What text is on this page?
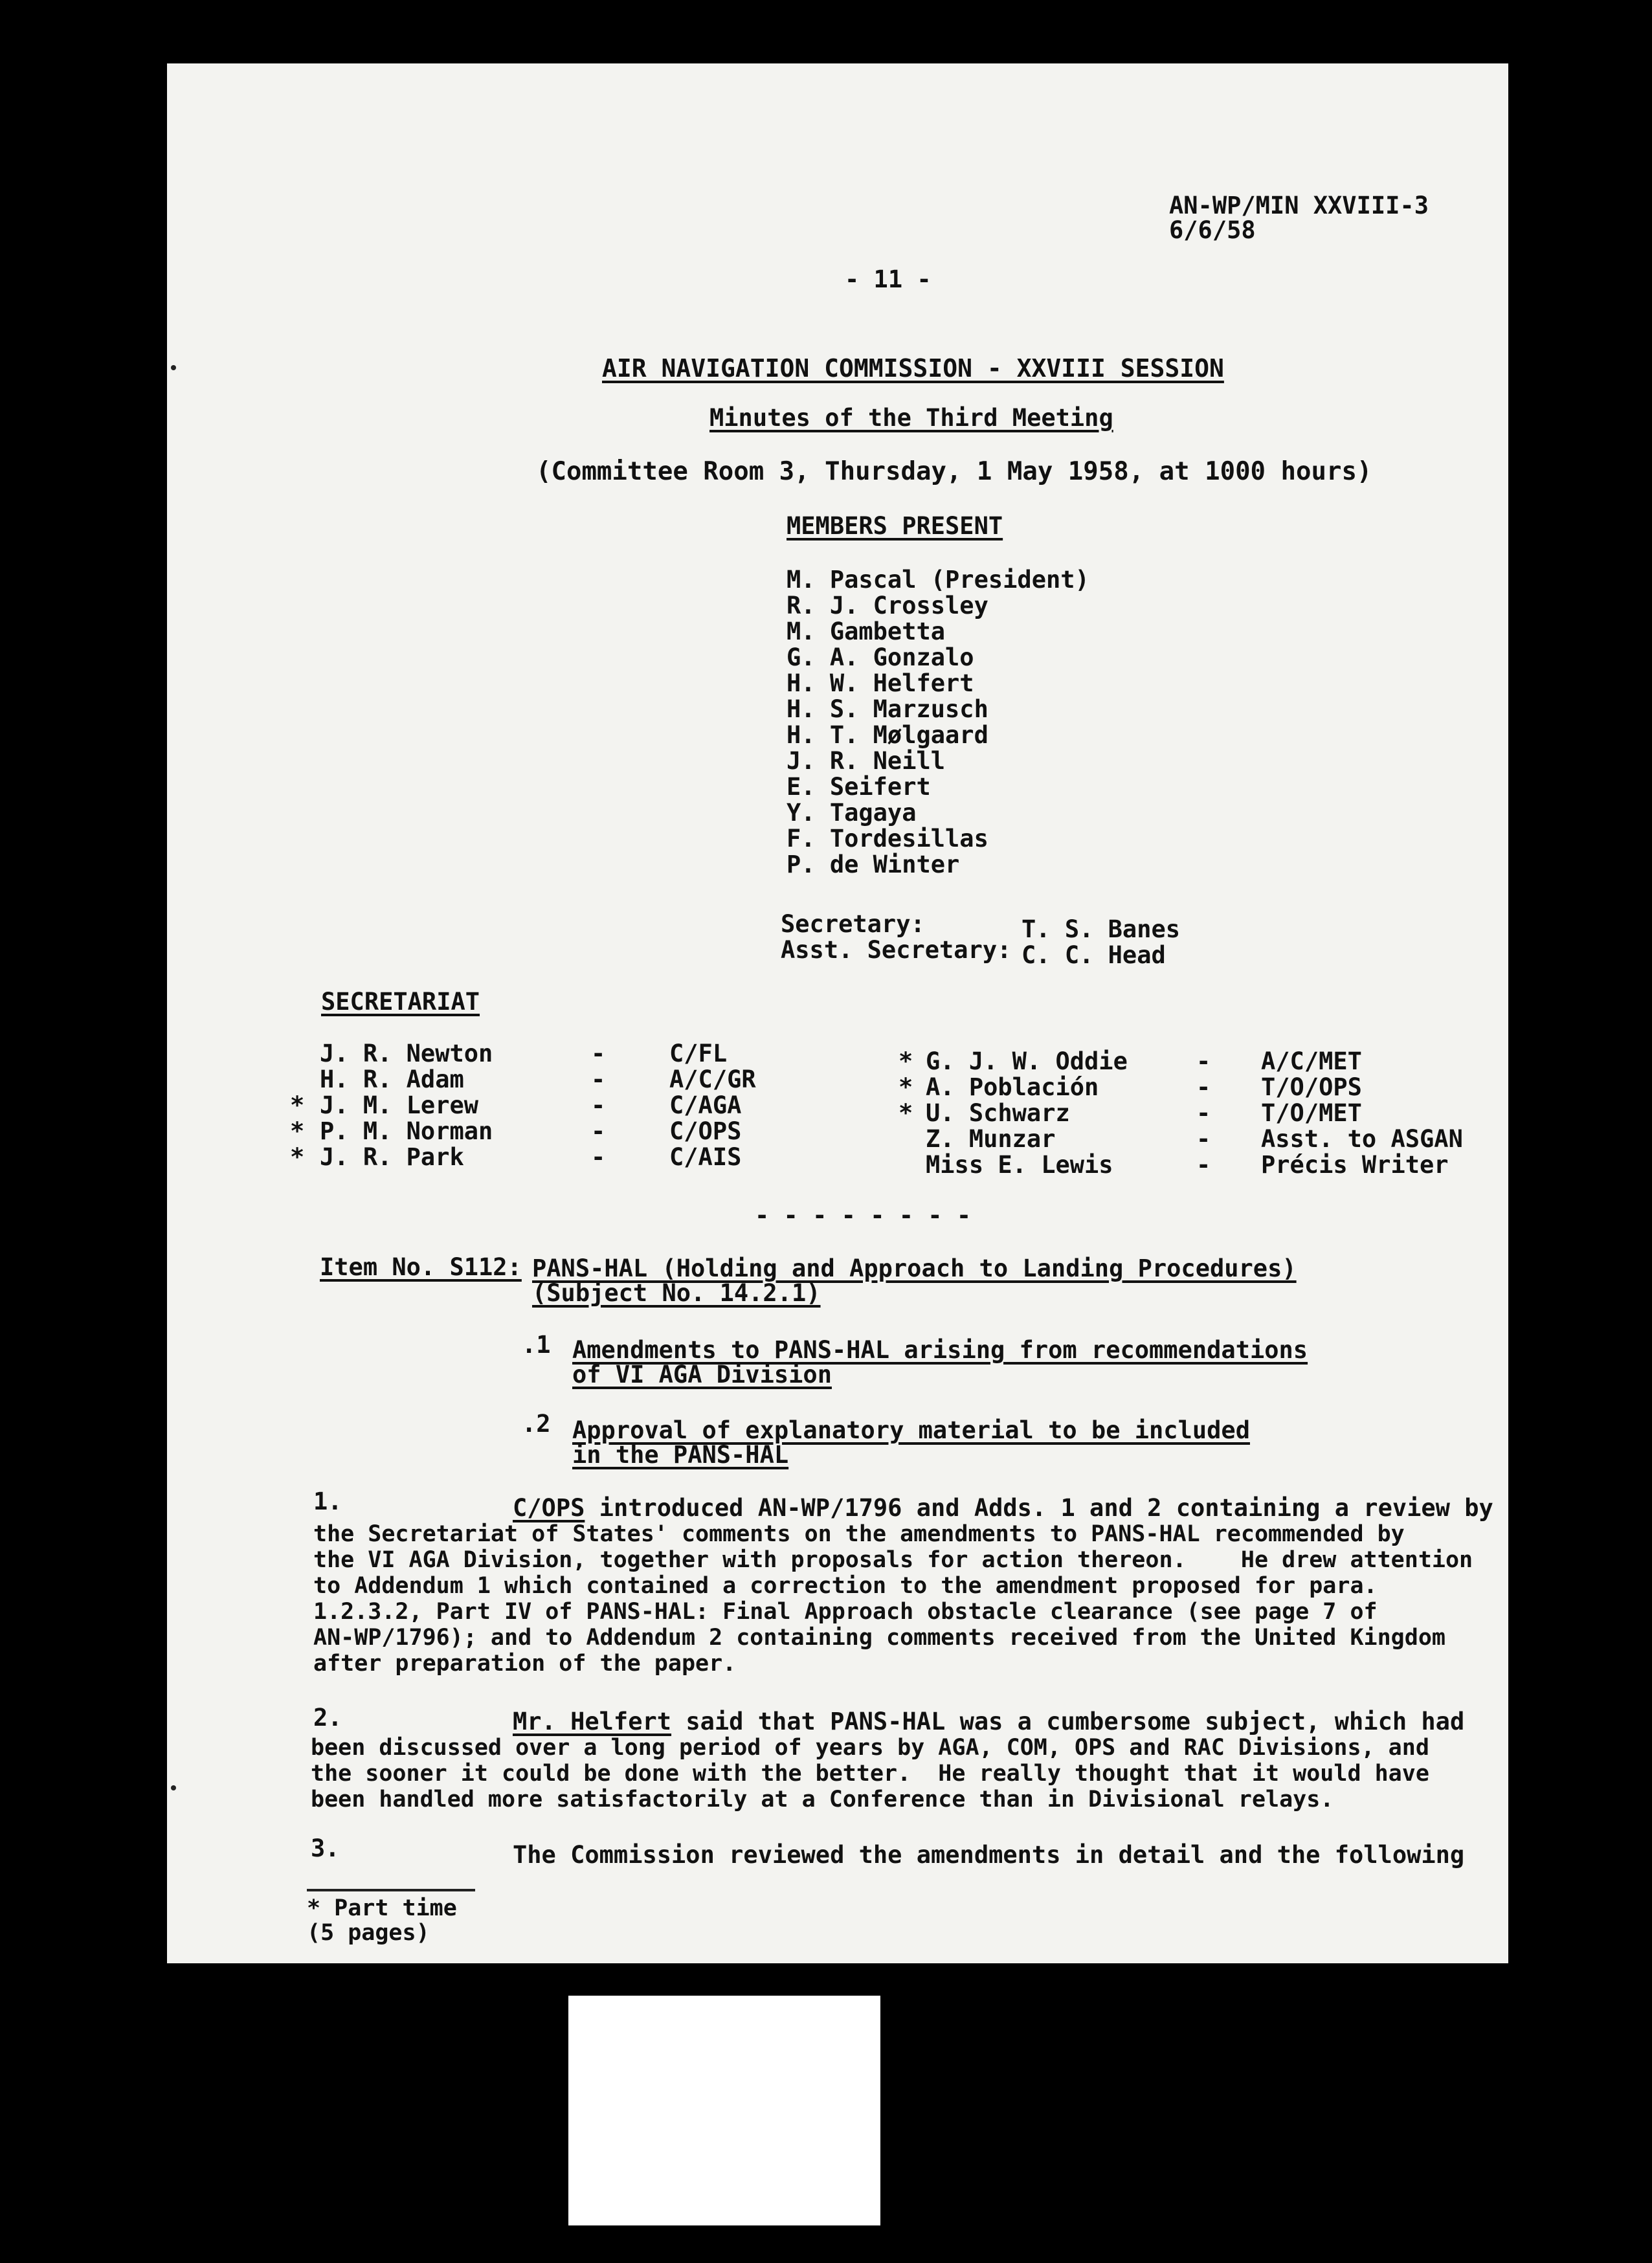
AN-WP/MIN XXVIII-3
6/6/58
- 11 -
AIR NAVIGATION COMMISSION - XXVIII SESSION
Minutes of the Third Meeting
(Committee Room 3, Thursday, 1 May 1958, at 1000 hours)
MEMBERS PRESENT
M. Pascal (President)
R. J. Crossley
M. Gambetta
G. A. Gonzalo
H. W. Helfert
H. S. Marzusch
H. T. Mølgaard
J. R. Neill
E. Seifert
Y. Tagaya
F. Tordesillas
P. de Winter
Secretary:	T. S. Banes
Asst. Secretary: C. C. Head
SECRETARIAT
J. R. Newton	-	C/FL
H. R. Adam	-	A/C/GR
* J. M. Lerew	-	C/AGA
* P. M. Norman	-	C/OPS
* J. R. Park	-	C/AIS
* G. J. W. Oddie	- A/C/MET
* A. Población	- T/O/OPS
* U. Schwarz	- T/O/MET
Z. Munzar	- Asst. to ASGAN
Miss E. Lewis	- Précis Writer
- - - - - - - -
Item No. S112: PANS-HAL (Holding and Approach to Landing Procedures)
(Subject No. 14.2.1)
.1 Amendments to PANS-HAL arising from recommendations
of VI AGA Division
.2 Approval of explanatory material to be included
in the PANS-HAL
1.	C/OPS introduced AN-WP/1796 and Adds. 1 and 2 containing a review by
the Secretariat of States' comments on the amendments to PANS-HAL recommended by
the VI AGA Division, together with proposals for action thereon.    He drew attention
to Addendum 1 which contained a correction to the amendment proposed for para.
1.2.3.2, Part IV of PANS-HAL: Final Approach obstacle clearance (see page 7 of
AN-WP/1796); and to Addendum 2 containing comments received from the United Kingdom
after preparation of the paper.
2.	Mr. Helfert said that PANS-HAL was a cumbersome subject, which had
been discussed over a long period of years by AGA, COM, OPS and RAC Divisions, and
the sooner it could be done with the better.  He really thought that it would have
been handled more satisfactorily at a Conference than in Divisional relays.
3.	The Commission reviewed the amendments in detail and the following
* Part time
(5 pages)
